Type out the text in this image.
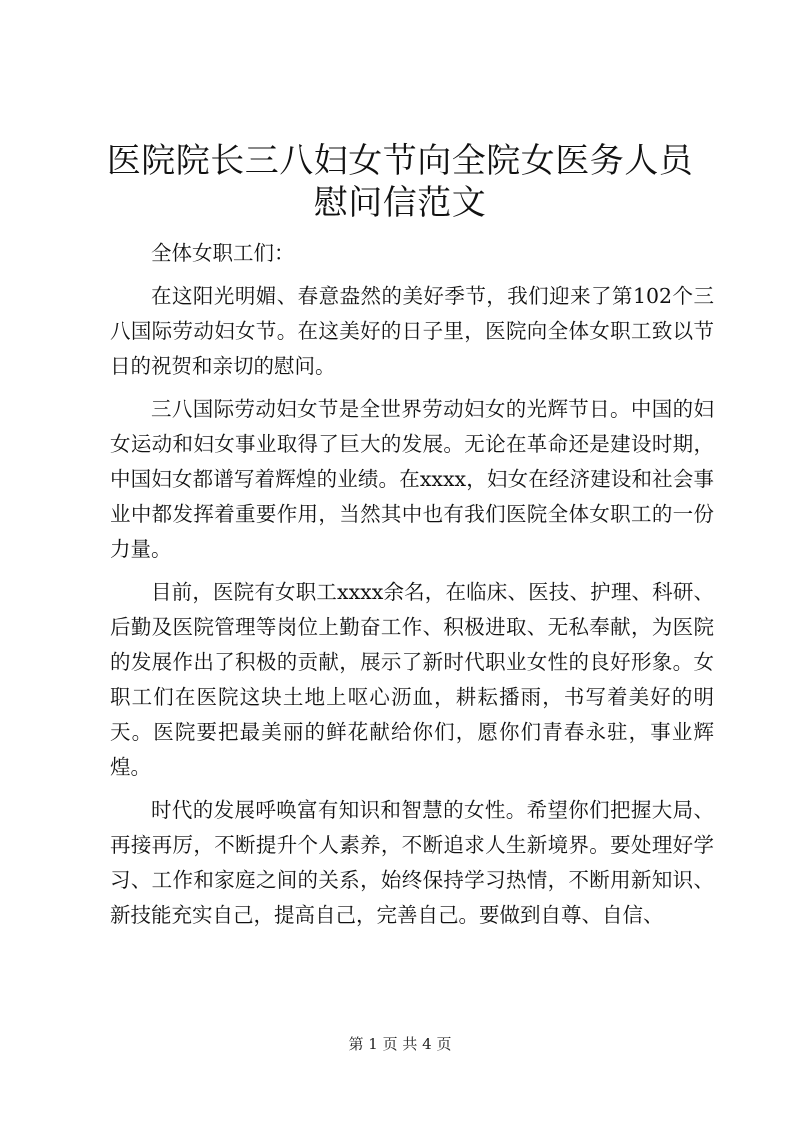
医院院长三八妇女节向全院女医务人员慰问信范文

全体女职工们：

在这阳光明媚、春意盎然的美好季节，我们迎来了第102个三八国际劳动妇女节。在这美好的日子里，医院向全体女职工致以节日的祝贺和亲切的慰问。

三八国际劳动妇女节是全世界劳动妇女的光辉节日。中国的妇女运动和妇女事业取得了巨大的发展。无论在革命还是建设时期，中国妇女都谱写着辉煌的业绩。在xxxx，妇女在经济建设和社会事业中都发挥着重要作用，当然其中也有我们医院全体女职工的一份力量。

目前，医院有女职工xxxx余名，在临床、医技、护理、科研、后勤及医院管理等岗位上勤奋工作、积极进取、无私奉献，为医院的发展作出了积极的贡献，展示了新时代职业女性的良好形象。女职工们在医院这块土地上呕心沥血，耕耘播雨，书写着美好的明天。医院要把最美丽的鲜花献给你们，愿你们青春永驻，事业辉煌。

时代的发展呼唤富有知识和智慧的女性。希望你们把握大局、再接再厉，不断提升个人素养，不断追求人生新境界。要处理好学习、工作和家庭之间的关系，始终保持学习热情，不断用新知识、新技能充实自己，提高自己，完善自己。要做到自尊、自信、

第 1 页 共 4 页
